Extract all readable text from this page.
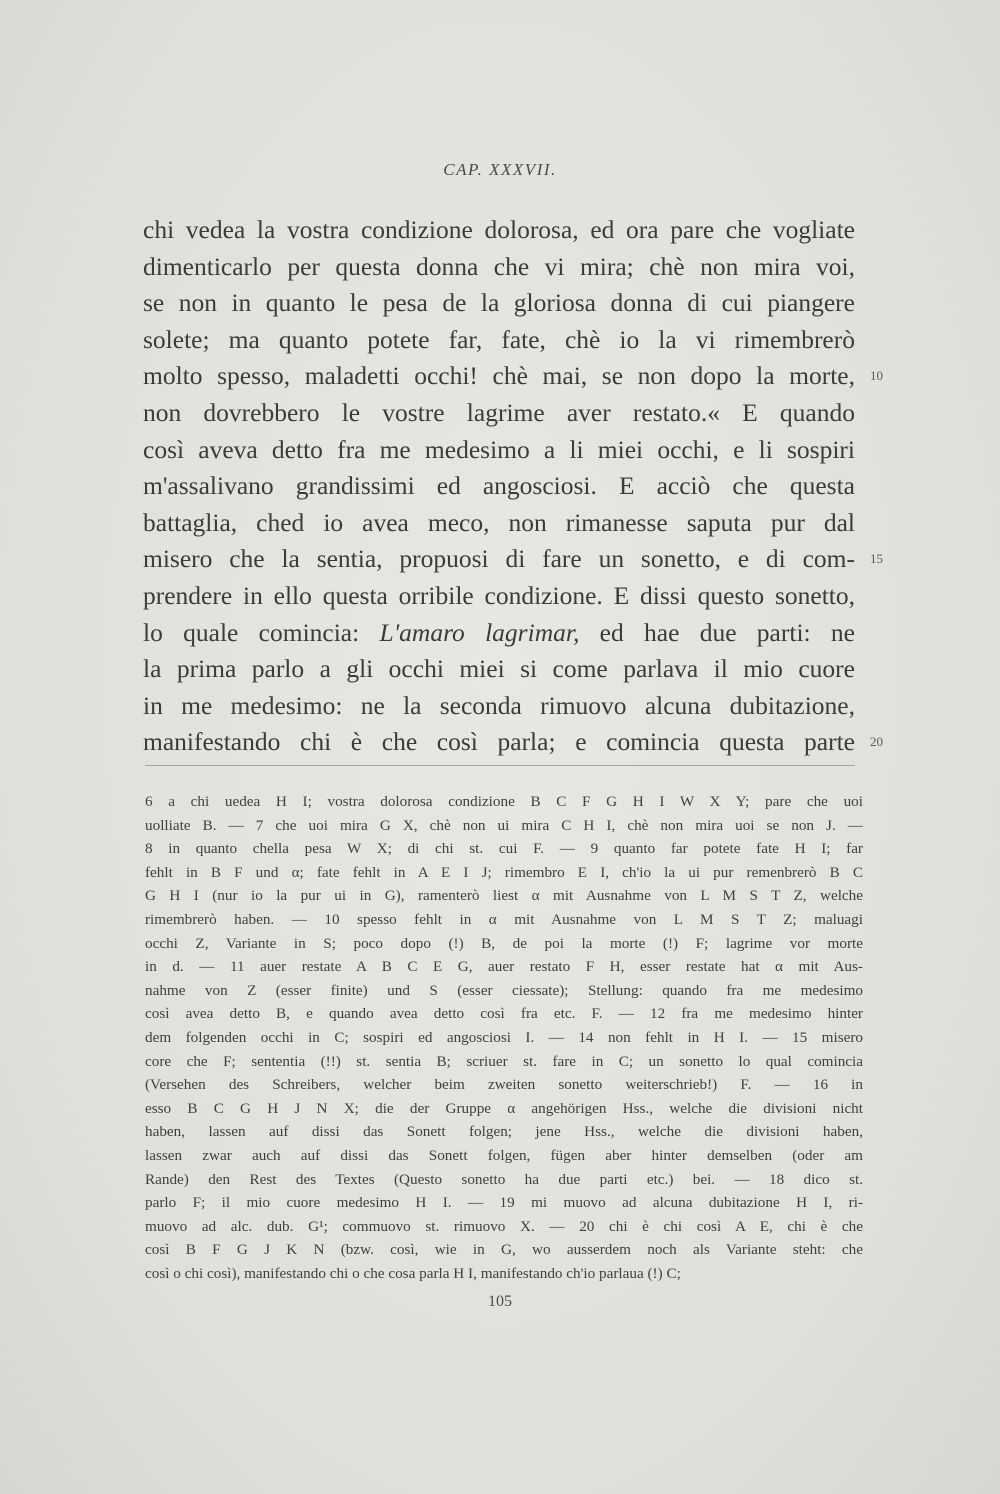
CAP. XXXVII.
chi vedea la vostra condizione dolorosa, ed ora pare che vogliate
dimenticarlo per questa donna che vi mira; chè non mira voi,
se non in quanto le pesa de la gloriosa donna di cui piangere
solete; ma quanto potete far, fate, chè io la vi rimembrerò
molto spesso, maladetti occhi! chè mai, se non dopo la morte, 10
non dovrebbero le vostre lagrime aver restato.« E quando
così aveva detto fra me medesimo a li miei occhi, e li sospiri
m'assalivano grandissimi ed angosciosi. E acciò che questa
battaglia, ched io avea meco, non rimanesse saputa pur dal
misero che la sentia, propuosi di fare un sonetto, e di com- 15
prendere in ello questa orribile condizione. E dissi questo sonetto,
lo quale comincia: L'amaro lagrimar, ed hae due parti: ne
la prima parlo a gli occhi miei si come parlava il mio cuore
in me medesimo: ne la seconda rimuovo alcuna dubitazione,
manifestando chi è che così parla; e comincia questa parte 20
6 a chi uedea H I; vostra dolorosa condizione B C F G H I W X Y; pare che uoi
uolliate B. — 7 che uoi mira G X, chè non ui mira C H I, chè non mira uoi se non J. —
8 in quanto chella pesa W X; di chi st. cui F. — 9 quanto far potete fate H I; far
fehlt in B F und α; fate fehlt in A E I J; rimembro E I, ch'io la ui pur remenbrerò B C
G H I (nur io la pur ui in G), ramenterò liest α mit Ausnahme von L M S T Z, welche
rimembrerò haben. — 10 spesso fehlt in α mit Ausnahme von L M S T Z; maluagi
occhi Z, Variante in S; poco dopo (!) B, de poi la morte (!) F; lagrime vor morte
in d. — 11 auer restate A B C E G, auer restato F H, esser restate hat α mit Aus-
nahme von Z (esser finite) und S (esser ciessate); Stellung: quando fra me medesimo
così avea detto B, e quando avea detto così fra etc. F. — 12 fra me medesimo hinter
dem folgenden occhi in C; sospiri ed angosciosi I. — 14 non fehlt in H I. — 15 misero
core che F; sententia (!!) st. sentia B; scriuer st. fare in C; un sonetto lo qual comincia
(Versehen des Schreibers, welcher beim zweiten sonetto weiterschrieb!) F. — 16 in
esso B C G H J N X; die der Gruppe α angehörigen Hss., welche die divisioni nicht
haben, lassen auf dissi das Sonett folgen; jene Hss., welche die divisioni haben,
lassen zwar auch auf dissi das Sonett folgen, fügen aber hinter demselben (oder am
Rande) den Rest des Textes (Questo sonetto ha due parti etc.) bei. — 18 dico st.
parlo F; il mio cuore medesimo H I. — 19 mi muovo ad alcuna dubitazione H I, ri-
muovo ad alc. dub. G¹; commuovo st. rimuovo X. — 20 chi è chi così A E, chi è che
così B F G J K N (bzw. così, wie in G, wo ausserdem noch als Variante steht: che
così o chi così), manifestando chi o che cosa parla H I, manifestando ch'io parlaua (!) C;
105
